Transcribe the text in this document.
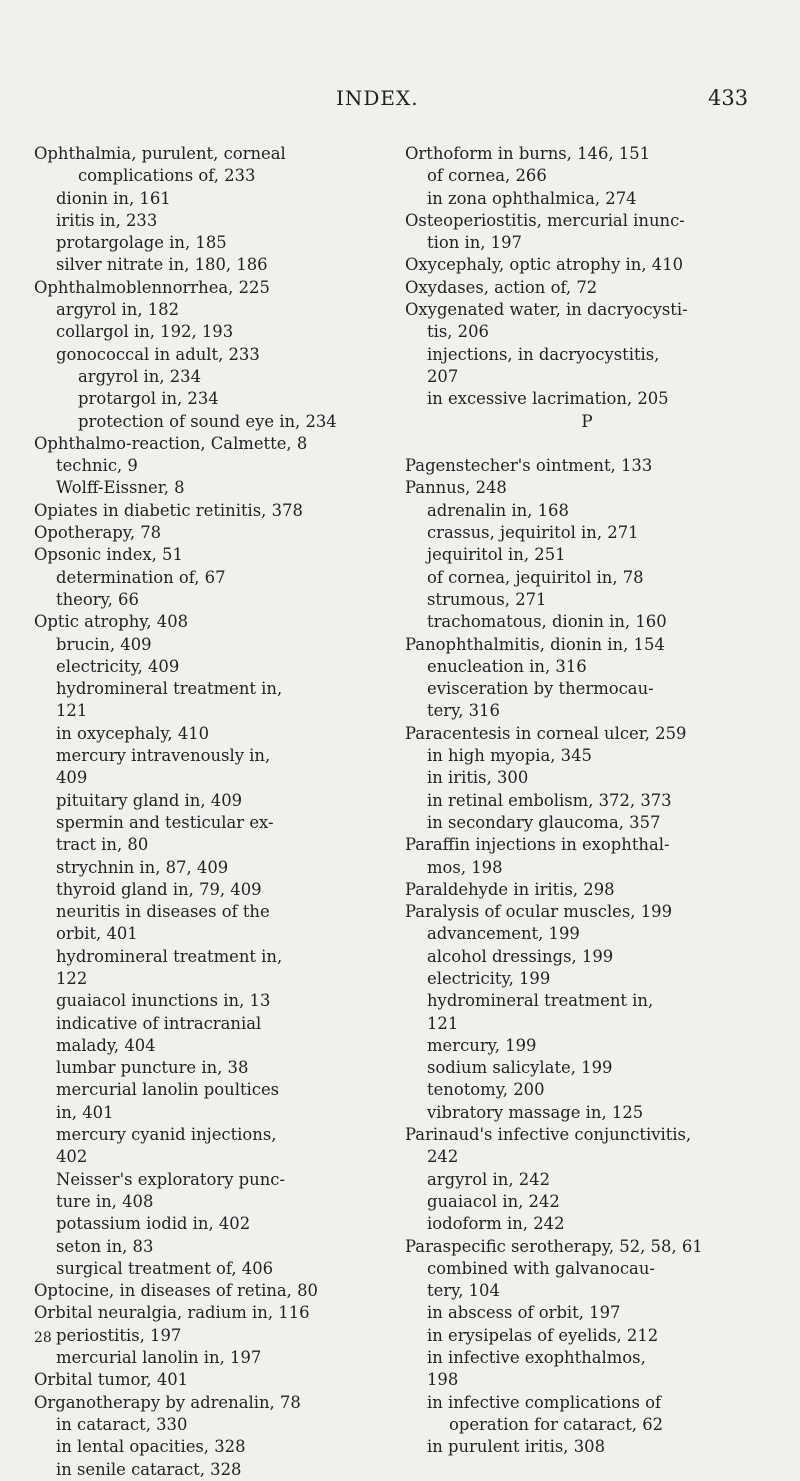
INDEX.	433
Ophthalmia, purulent, corneal
complications of, 233
dionin in, 161
iritis in, 233
protargolage in, 185
silver nitrate in, 180, 186
Ophthalmoblennorrhea, 225
argyrol in, 182
collargol in, 192, 193
gonococcal in adult, 233
argyrol in, 234
protargol in, 234
protection of sound eye in, 234
Ophthalmo-reaction, Calmette, 8
technic, 9
Wolff-Eissner, 8
Opiates in diabetic retinitis, 378
Opotherapy, 78
Opsonic index, 51
determination of, 67
theory, 66
Optic atrophy, 408
brucin, 409
electricity, 409
hydromineral treatment in,
121
in oxycephaly, 410
mercury intravenously in,
409
pituitary gland in, 409
spermin and testicular ex-
tract in, 80
strychnin in, 87, 409
thyroid gland in, 79, 409
neuritis in diseases of the
orbit, 401
hydromineral treatment in,
122
guaiacol inunctions in, 13
indicative of intracranial
malady, 404
lumbar puncture in, 38
mercurial lanolin poultices
in, 401
mercury cyanid injections,
402
Neisser's exploratory punc-
ture in, 408
potassium iodid in, 402
seton in, 83
surgical treatment of, 406
Optocine, in diseases of retina, 80
Orbital neuralgia, radium in, 116
periostitis, 197
mercurial lanolin in, 197
Orbital tumor, 401
Organotherapy by adrenalin, 78
in cataract, 330
in lental opacities, 328
in senile cataract, 328
Orthoform in burns, 146, 151
of cornea, 266
in zona ophthalmica, 274
Osteoperiostitis, mercurial inunc-
tion in, 197
Oxycephaly, optic atrophy in, 410
Oxydases, action of, 72
Oxygenated water, in dacryocysti-
tis, 206
injections, in dacryocystitis,
207
in excessive lacrimation, 205
P
Pagenstecher's ointment, 133
Pannus, 248
adrenalin in, 168
crassus, jequiritol in, 271
jequiritol in, 251
of cornea, jequiritol in, 78
strumous, 271
trachomatous, dionin in, 160
Panophthalmitis, dionin in, 154
enucleation in, 316
evisceration by thermocau-
tery, 316
Paracentesis in corneal ulcer, 259
in high myopia, 345
in iritis, 300
in retinal embolism, 372, 373
in secondary glaucoma, 357
Paraffin injections in exophthal-
mos, 198
Paraldehyde in iritis, 298
Paralysis of ocular muscles, 199
advancement, 199
alcohol dressings, 199
electricity, 199
hydromineral treatment in,
121
mercury, 199
sodium salicylate, 199
tenotomy, 200
vibratory massage in, 125
Parinaud's infective conjunctivitis,
242
argyrol in, 242
guaiacol in, 242
iodoform in, 242
Paraspecific serotherapy, 52, 58, 61
combined with galvanocau-
tery, 104
in abscess of orbit, 197
in erysipelas of eyelids, 212
in infective exophthalmos,
198
in infective complications of
operation for cataract, 62
in purulent iritis, 308
28
